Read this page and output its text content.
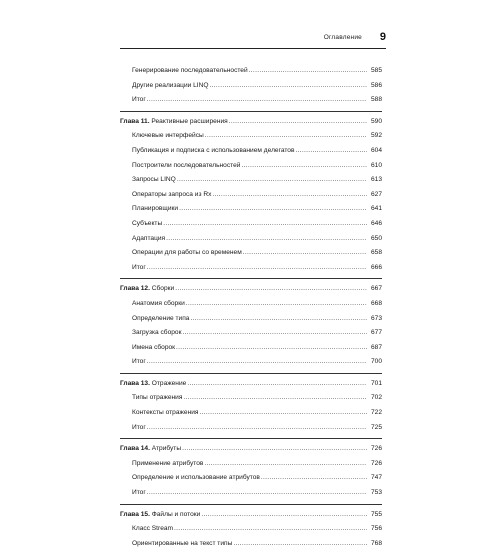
Оглавление 9
Генерирование последовательностей .....	585
Другие реализации LINQ .....	586
Итог .....	588
Глава 11. Реактивные расширения .....	590
Ключевые интерфейсы .....	592
Публикация и подписка с использованием делегатов .....	604
Построители последовательностей .....	610
Запросы LINQ .....	613
Операторы запроса из Rx .....	627
Планировщики .....	641
Субъекты .....	646
Адаптация .....	650
Операции для работы со временем .....	658
Итог .....	666
Глава 12. Сборки .....	667
Анатомия сборки .....	668
Определение типа .....	673
Загрузка сборок .....	677
Имена сборок .....	687
Итог .....	700
Глава 13. Отражение .....	701
Типы отражения .....	702
Контексты отражения .....	722
Итог .....	725
Глава 14. Атрибуты .....	726
Применение атрибутов .....	726
Определение и использование атрибутов .....	747
Итог .....	753
Глава 15. Файлы и потоки .....	755
Класс Stream .....	756
Ориентированные на текст типы .....	768
